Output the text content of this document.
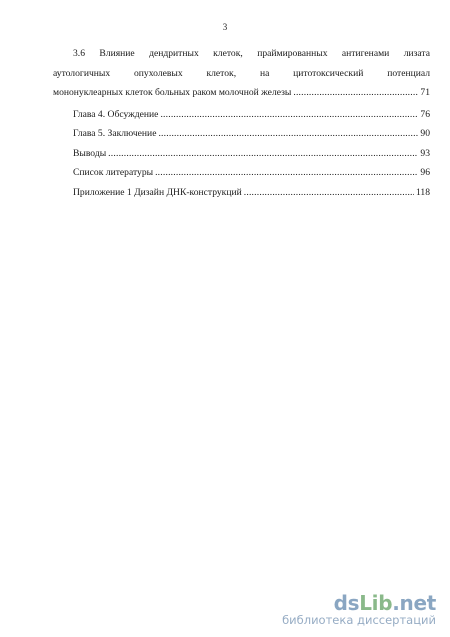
3
3.6 Влияние дендритных клеток, праймированных антигенами лизата
аутологичных опухолевых клеток, на цитотоксический потенциал
мононуклеарных клеток больных раком молочной железы .....	71
Глава 4. Обсуждение .....	76
Глава 5. Заключение .....	90
Выводы .....	93
Список литературы .....	96
Приложение 1 Дизайн ДНК-конструкций .....	118
dsLib.net
библиотека диссертаций
